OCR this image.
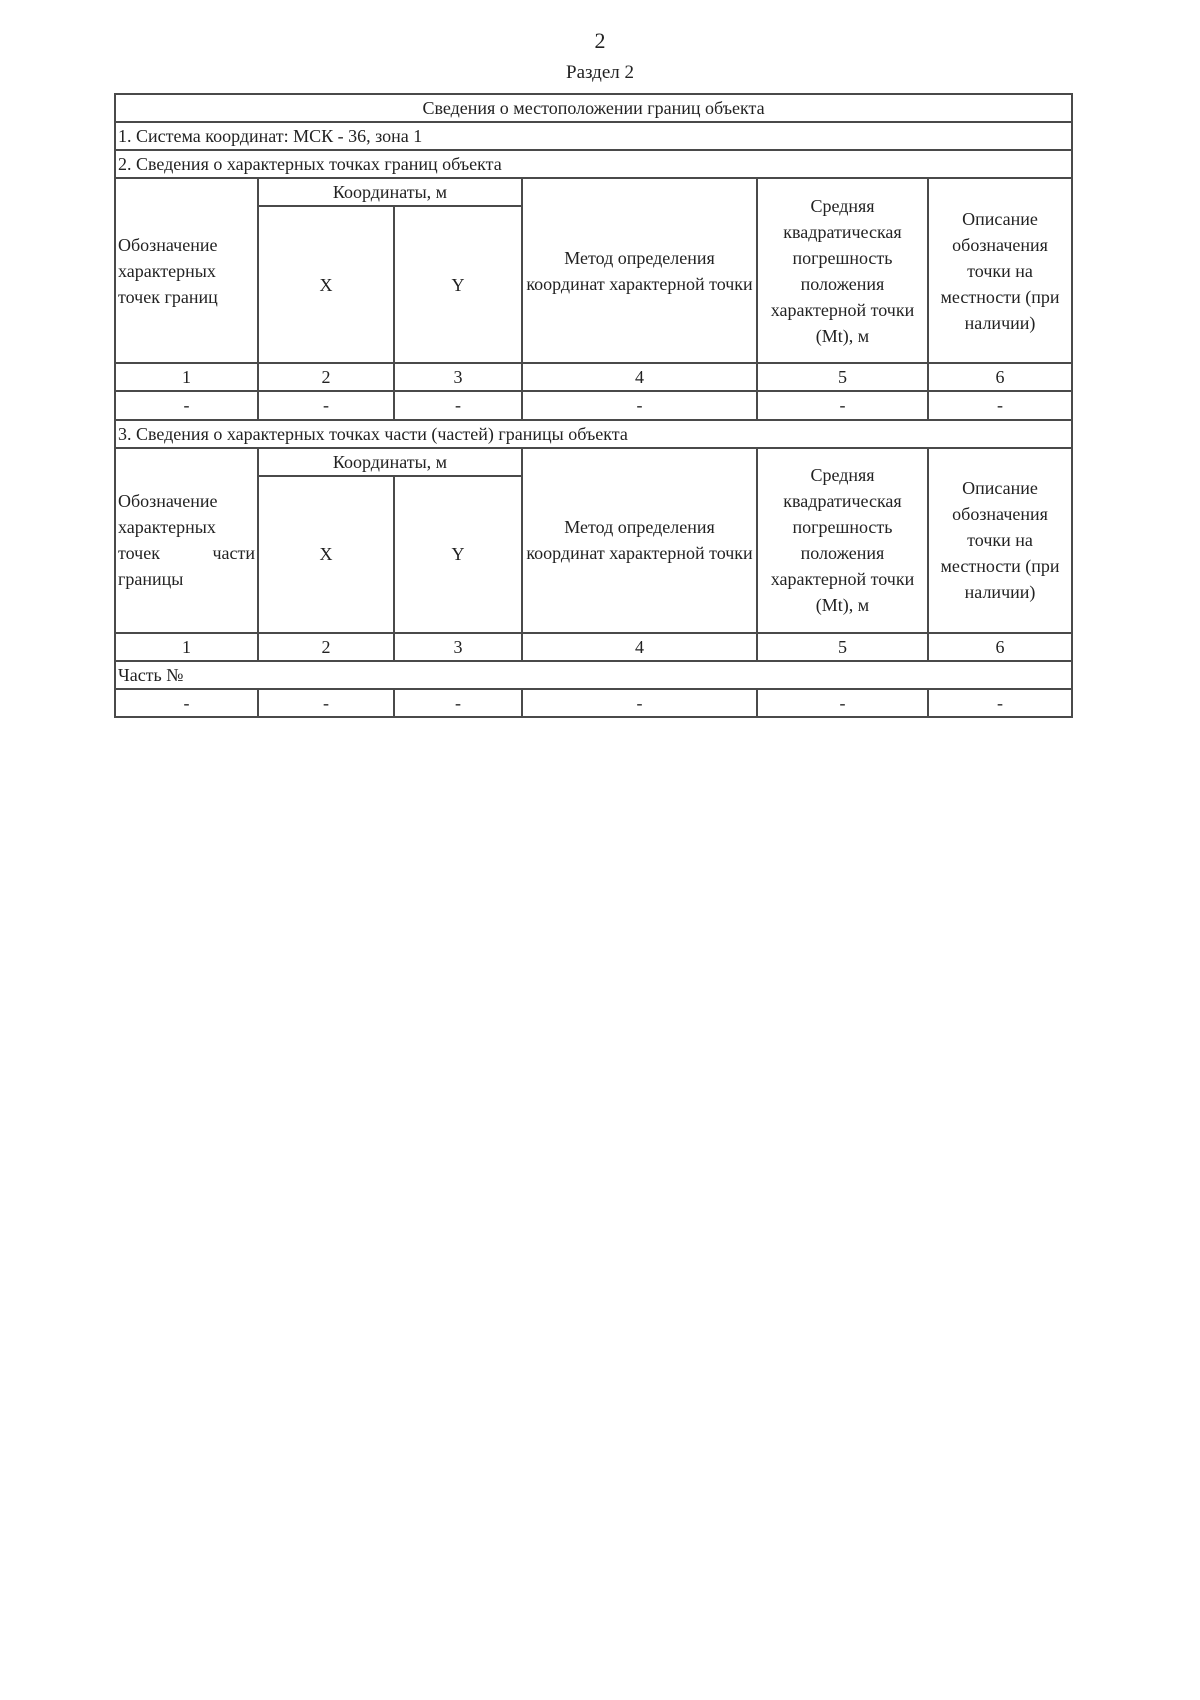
2
Раздел 2
Сведения о местоположении границ объекта					
1. Система координат: МСК - 36, зона 1					
2. Сведения о характерных точках границ объекта					
Обозначение характерных точек границ	Координаты, м		Метод определения координат характерной точки	Средняя квадратическая погрешность положения характерной точки (Mt), м	Описание обозначения точки на местности (при наличии)
	X	Y			
1	2	3	4	5	6
-	-	-	-	-	-
3. Сведения о характерных точках части (частей) границы объекта					
Обозначение характерных точек части границы	Координаты, м		Метод определения координат характерной точки	Средняя квадратическая погрешность положения характерной точки (Mt), м	Описание обозначения точки на местности (при наличии)
	X	Y			
1	2	3	4	5	6
Часть №					
-	-	-	-	-	-
